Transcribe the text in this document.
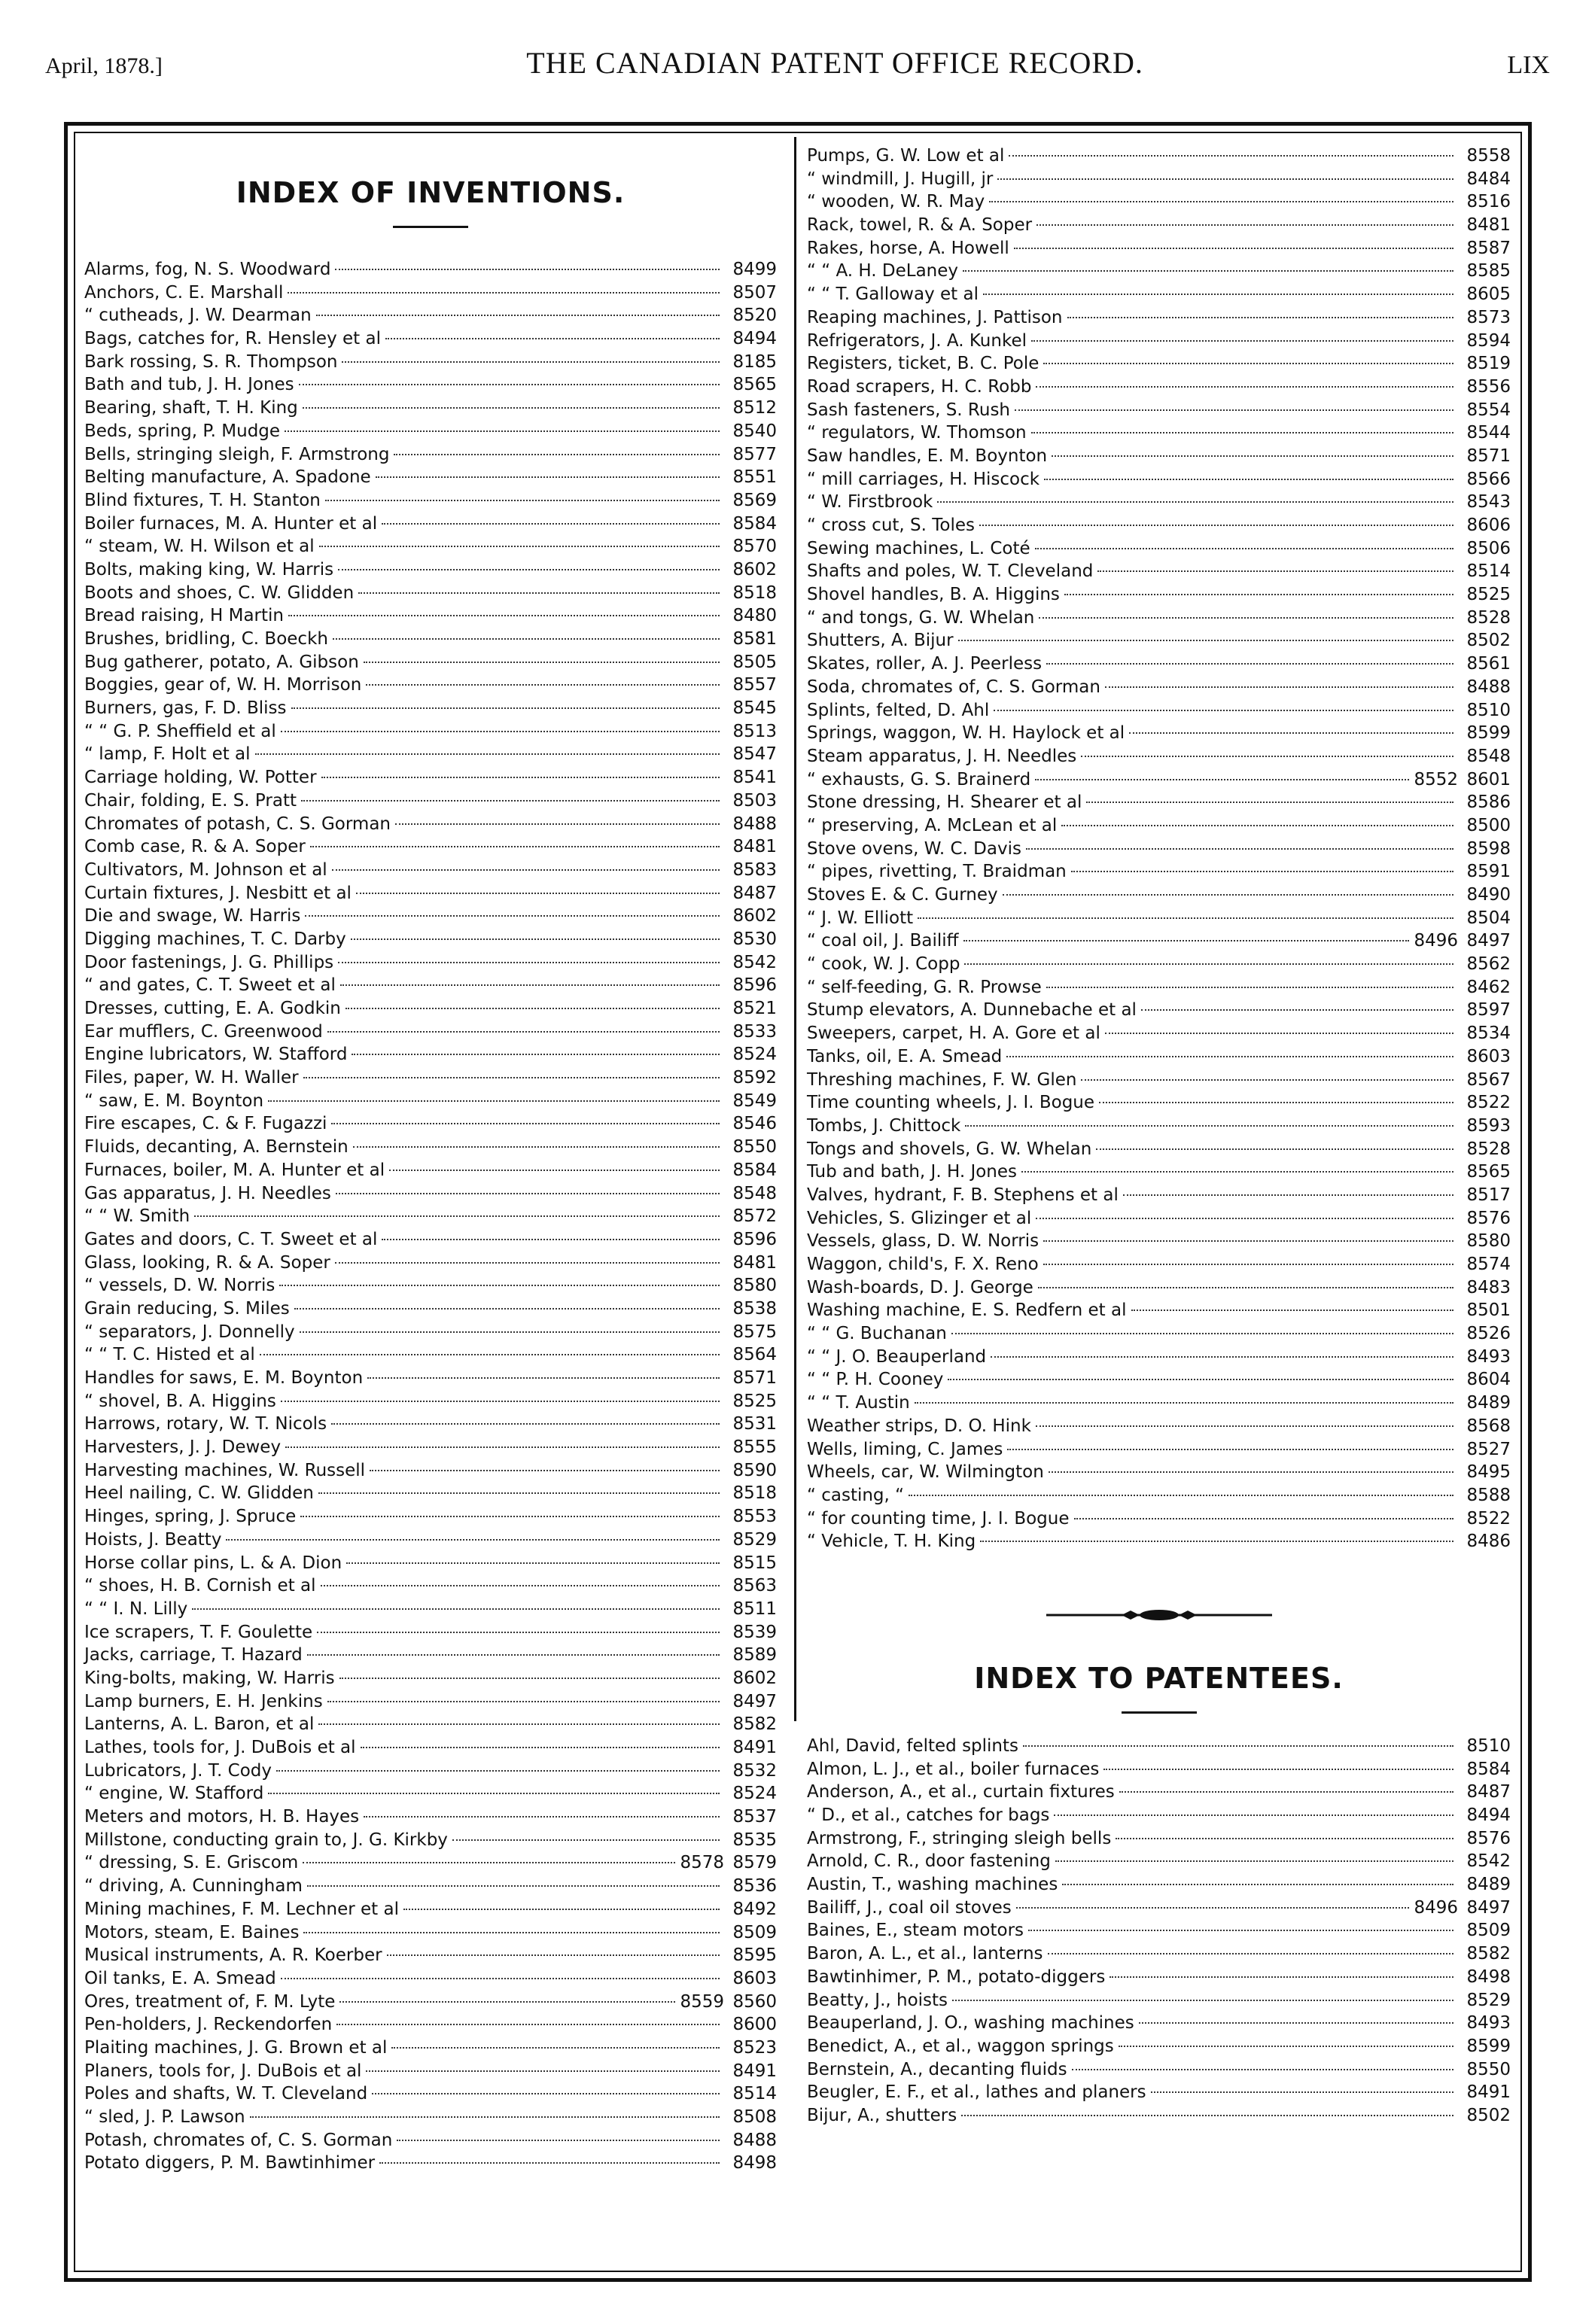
April, 1878.]	THE CANADIAN PATENT OFFICE RECORD.	LIX
INDEX OF INVENTIONS.
Alarms, fog, N. S. Woodward	8499
Anchors, C. E. Marshall	8507
“ cutheads, J. W. Dearman	8520
Bags, catches for, R. Hensley et al	8494
Bark rossing, S. R. Thompson	8185
Bath and tub, J. H. Jones	8565
Bearing, shaft, T. H. King	8512
Beds, spring, P. Mudge	8540
Bells, stringing sleigh, F. Armstrong	8577
Belting manufacture, A. Spadone	8551
Blind fixtures, T. H. Stanton	8569
Boiler furnaces, M. A. Hunter et al	8584
“ steam, W. H. Wilson et al	8570
Bolts, making king, W. Harris	8602
Boots and shoes, C. W. Glidden	8518
Bread raising, H Martin	8480
Brushes, bridling, C. Boeckh	8581
Bug gatherer, potato, A. Gibson	8505
Boggies, gear of, W. H. Morrison	8557
Burners, gas, F. D. Bliss	8545
“ “ G. P. Sheffield et al	8513
“ lamp, F. Holt et al	8547
Carriage holding, W. Potter	8541
Chair, folding, E. S. Pratt	8503
Chromates of potash, C. S. Gorman	8488
Comb case, R. & A. Soper	8481
Cultivators, M. Johnson et al	8583
Curtain fixtures, J. Nesbitt et al	8487
Die and swage, W. Harris	8602
Digging machines, T. C. Darby	8530
Door fastenings, J. G. Phillips	8542
“ and gates, C. T. Sweet et al	8596
Dresses, cutting, E. A. Godkin	8521
Ear mufflers, C. Greenwood	8533
Engine lubricators, W. Stafford	8524
Files, paper, W. H. Waller	8592
“ saw, E. M. Boynton	8549
Fire escapes, C. & F. Fugazzi	8546
Fluids, decanting, A. Bernstein	8550
Furnaces, boiler, M. A. Hunter et al	8584
Gas apparatus, J. H. Needles	8548
“ “ W. Smith	8572
Gates and doors, C. T. Sweet et al	8596
Glass, looking, R. & A. Soper	8481
“ vessels, D. W. Norris	8580
Grain reducing, S. Miles	8538
“ separators, J. Donnelly	8575
“ “ T. C. Histed et al	8564
Handles for saws, E. M. Boynton	8571
“ shovel, B. A. Higgins	8525
Harrows, rotary, W. T. Nicols	8531
Harvesters, J. J. Dewey	8555
Harvesting machines, W. Russell	8590
Heel nailing, C. W. Glidden	8518
Hinges, spring, J. Spruce	8553
Hoists, J. Beatty	8529
Horse collar pins, L. & A. Dion	8515
“ shoes, H. B. Cornish et al	8563
“ “ I. N. Lilly	8511
Ice scrapers, T. F. Goulette	8539
Jacks, carriage, T. Hazard	8589
King-bolts, making, W. Harris	8602
Lamp burners, E. H. Jenkins	8497
Lanterns, A. L. Baron, et al	8582
Lathes, tools for, J. DuBois et al	8491
Lubricators, J. T. Cody	8532
“ engine, W. Stafford	8524
Meters and motors, H. B. Hayes	8537
Millstone, conducting grain to, J. G. Kirkby	8535
“ dressing, S. E. Griscom	8578 8579
“ driving, A. Cunningham	8536
Mining machines, F. M. Lechner et al	8492
Motors, steam, E. Baines	8509
Musical instruments, A. R. Koerber	8595
Oil tanks, E. A. Smead	8603
Ores, treatment of, F. M. Lyte	8559 8560
Pen-holders, J. Reckendorfen	8600
Plaiting machines, J. G. Brown et al	8523
Planers, tools for, J. DuBois et al	8491
Poles and shafts, W. T. Cleveland	8514
“ sled, J. P. Lawson	8508
Potash, chromates of, C. S. Gorman	8488
Potato diggers, P. M. Bawtinhimer	8498
Pumps, G. W. Low et al	8558
“ windmill, J. Hugill, jr	8484
“ wooden, W. R. May	8516
Rack, towel, R. & A. Soper	8481
Rakes, horse, A. Howell	8587
“ “ A. H. DeLaney	8585
“ “ T. Galloway et al	8605
Reaping machines, J. Pattison	8573
Refrigerators, J. A. Kunkel	8594
Registers, ticket, B. C. Pole	8519
Road scrapers, H. C. Robb	8556
Sash fasteners, S. Rush	8554
“ regulators, W. Thomson	8544
Saw handles, E. M. Boynton	8571
“ mill carriages, H. Hiscock	8566
“ W. Firstbrook	8543
“ cross cut, S. Toles	8606
Sewing machines, L. Coté	8506
Shafts and poles, W. T. Cleveland	8514
Shovel handles, B. A. Higgins	8525
“ and tongs, G. W. Whelan	8528
Shutters, A. Bijur	8502
Skates, roller, A. J. Peerless	8561
Soda, chromates of, C. S. Gorman	8488
Splints, felted, D. Ahl	8510
Springs, waggon, W. H. Haylock et al	8599
Steam apparatus, J. H. Needles	8548
“ exhausts, G. S. Brainerd	8552 8601
Stone dressing, H. Shearer et al	8586
“ preserving, A. McLean et al	8500
Stove ovens, W. C. Davis	8598
“ pipes, rivetting, T. Braidman	8591
Stoves E. & C. Gurney	8490
“ J. W. Elliott	8504
“ coal oil, J. Bailiff	8496 8497
“ cook, W. J. Copp	8562
“ self-feeding, G. R. Prowse	8462
Stump elevators, A. Dunnebache et al	8597
Sweepers, carpet, H. A. Gore et al	8534
Tanks, oil, E. A. Smead	8603
Threshing machines, F. W. Glen	8567
Time counting wheels, J. I. Bogue	8522
Tombs, J. Chittock	8593
Tongs and shovels, G. W. Whelan	8528
Tub and bath, J. H. Jones	8565
Valves, hydrant, F. B. Stephens et al	8517
Vehicles, S. Glizinger et al	8576
Vessels, glass, D. W. Norris	8580
Waggon, child's, F. X. Reno	8574
Wash-boards, D. J. George	8483
Washing machine, E. S. Redfern et al	8501
“ “ G. Buchanan	8526
“ “ J. O. Beauperland	8493
“ “ P. H. Cooney	8604
“ “ T. Austin	8489
Weather strips, D. O. Hink	8568
Wells, liming, C. James	8527
Wheels, car, W. Wilmington	8495
“ casting, “	8588
“ for counting time, J. I. Bogue	8522
“ Vehicle, T. H. King	8486
INDEX TO PATENTEES.
Ahl, David, felted splints	8510
Almon, L. J., et al., boiler furnaces	8584
Anderson, A., et al., curtain fixtures	8487
“ D., et al., catches for bags	8494
Armstrong, F., stringing sleigh bells	8576
Arnold, C. R., door fastening	8542
Austin, T., washing machines	8489
Bailiff, J., coal oil stoves	8496 8497
Baines, E., steam motors	8509
Baron, A. L., et al., lanterns	8582
Bawtinhimer, P. M., potato-diggers	8498
Beatty, J., hoists	8529
Beauperland, J. O., washing machines	8493
Benedict, A., et al., waggon springs	8599
Bernstein, A., decanting fluids	8550
Beugler, E. F., et al., lathes and planers	8491
Bijur, A., shutters	8502
